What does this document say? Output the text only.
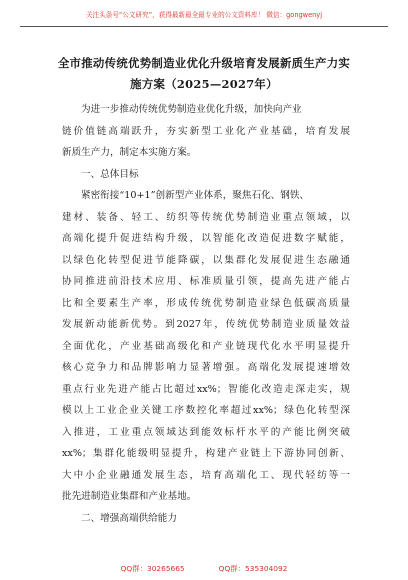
关注头条号“公文研究”，获得最新最全最专业的公文资料库！ 微信：gongwenyj
全市推动传统优势制造业优化升级培育发展新质生产力实
施方案（2025—2027年）
为进一步推动传统优势制造业优化升级，加快向产业
链价值链高端跃升，夯实新型工业化产业基础，培育发展
新质生产力，制定本实施方案。
一、总体目标
紧密衔接“10+1”创新型产业体系，聚焦石化、钢铁、
建材、装备、轻工、纺织等传统优势制造业重点领域，以
高端化提升促进结构升级，以智能化改造促进数字赋能，
以绿色化转型促进节能降碳，以集群化发展促进生态融通
协同推进前沿技术应用、标准质量引领，提高先进产能占
比和全要素生产率，形成传统优势制造业绿色低碳高质量
发展新动能新优势。到2027年，传统优势制造业质量效益
全面优化，产业基础高级化和产业链现代化水平明显提升
核心竞争力和品牌影响力显著增强。高端化发展提速增效
重点行业先进产能占比超过xx%；智能化改造走深走实，规
模以上工业企业关键工序数控化率超过xx%；绿色化转型深
入推进，工业重点领域达到能效标杆水平的产能比例突破
xx%；集群化能级明显提升，构建产业链上下游协同创新、
大中小企业融通发展生态，培育高端化工、现代轻纺等一
批先进制造业集群和产业基地。
二、增强高端供给能力
QQ群：30265665	QQ群：535304092
